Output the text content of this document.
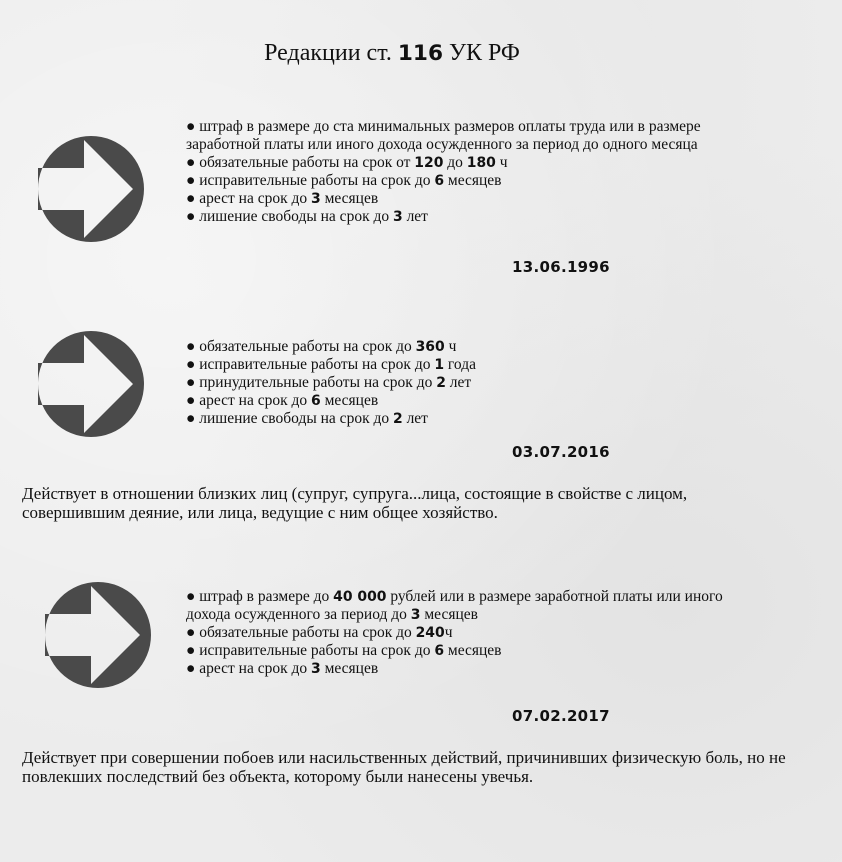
Редакции ст. 116 УК РФ
● штраф в размере до ста минимальных размеров оплаты труда или в размере заработной платы или иного дохода осужденного за период до одного месяца
● обязательные работы на срок от 120 до 180 ч
● исправительные работы на срок до 6 месяцев
● арест на срок до 3 месяцев
● лишение свободы на срок до 3 лет
13.06.1996
● обязательные работы на срок до 360 ч
● исправительные работы на срок до 1 года
● принудительные работы на срок до 2 лет
● арест на срок до 6 месяцев
● лишение свободы на срок до 2 лет
03.07.2016
Действует в отношении близких лиц (супруг, супруга...лица, состоящие в свойстве с лицом, совершившим деяние, или лица, ведущие с ним общее хозяйство.
● штраф в размере до 40 000 рублей или в размере заработной платы или иного дохода осужденного за период до 3 месяцев
● обязательные работы на срок до 240ч
● исправительные работы на срок до 6 месяцев
● арест на срок до 3 месяцев
07.02.2017
Действует при совершении побоев или насильственных действий, причинивших физическую боль, но не повлекших последствий без объекта, которому были нанесены увечья.
